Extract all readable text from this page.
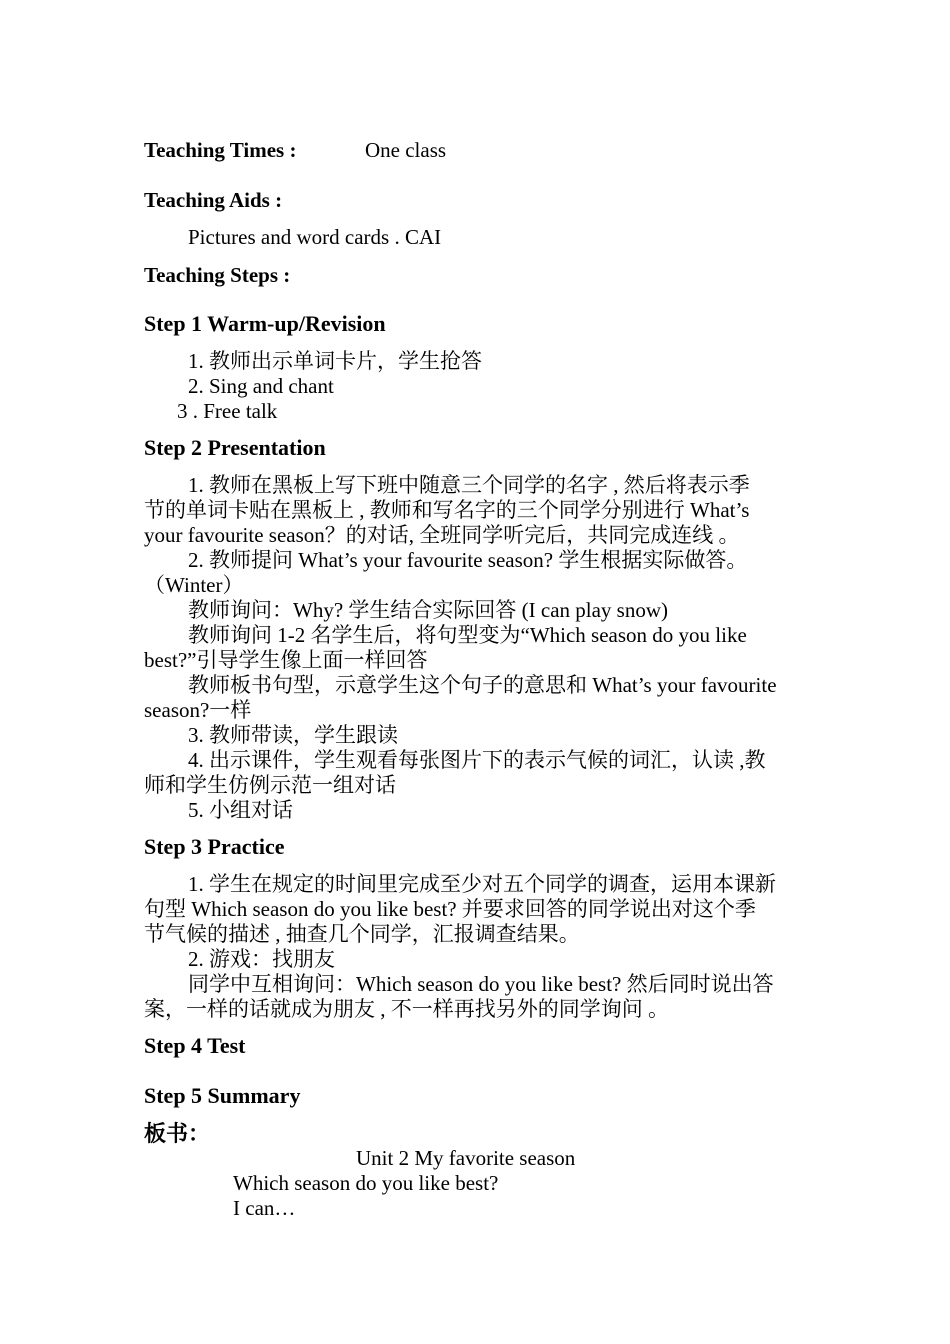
Teaching Times :	One class
Teaching Aids :
Pictures and word cards . CAI
Teaching Steps :
Step 1 Warm-up/Revision
1. 教师出示单词卡片，学生抢答
2. Sing and chant
3 . Free talk
Step 2 Presentation
1. 教师在黑板上写下班中随意三个同学的名字 , 然后将表示季
节的单词卡贴在黑板上 , 教师和写名字的三个同学分别进行 What’s
your favourite season？的对话, 全班同学听完后，共同完成连线 。
2. 教师提问 What’s your favourite season? 学生根据实际做答。
（Winter）
教师询问：Why? 学生结合实际回答 (I can play snow)
教师询问 1-2 名学生后，将句型变为“Which season do you like
best?”引导学生像上面一样回答
教师板书句型，示意学生这个句子的意思和 What’s your favourite
season?一样
3. 教师带读，学生跟读
4. 出示课件，学生观看每张图片下的表示气候的词汇，认读 ,教
师和学生仿例示范一组对话
5. 小组对话
Step 3 Practice
1. 学生在规定的时间里完成至少对五个同学的调查，运用本课新
句型 Which season do you like best? 并要求回答的同学说出对这个季
节气候的描述 , 抽查几个同学，汇报调查结果。
2. 游戏：找朋友
同学中互相询问：Which season do you like best? 然后同时说出答
案，一样的话就成为朋友 , 不一样再找另外的同学询问 。
Step 4 Test
Step 5 Summary
板书：
Unit 2 My favorite season
Which season do you like best?
I can…
